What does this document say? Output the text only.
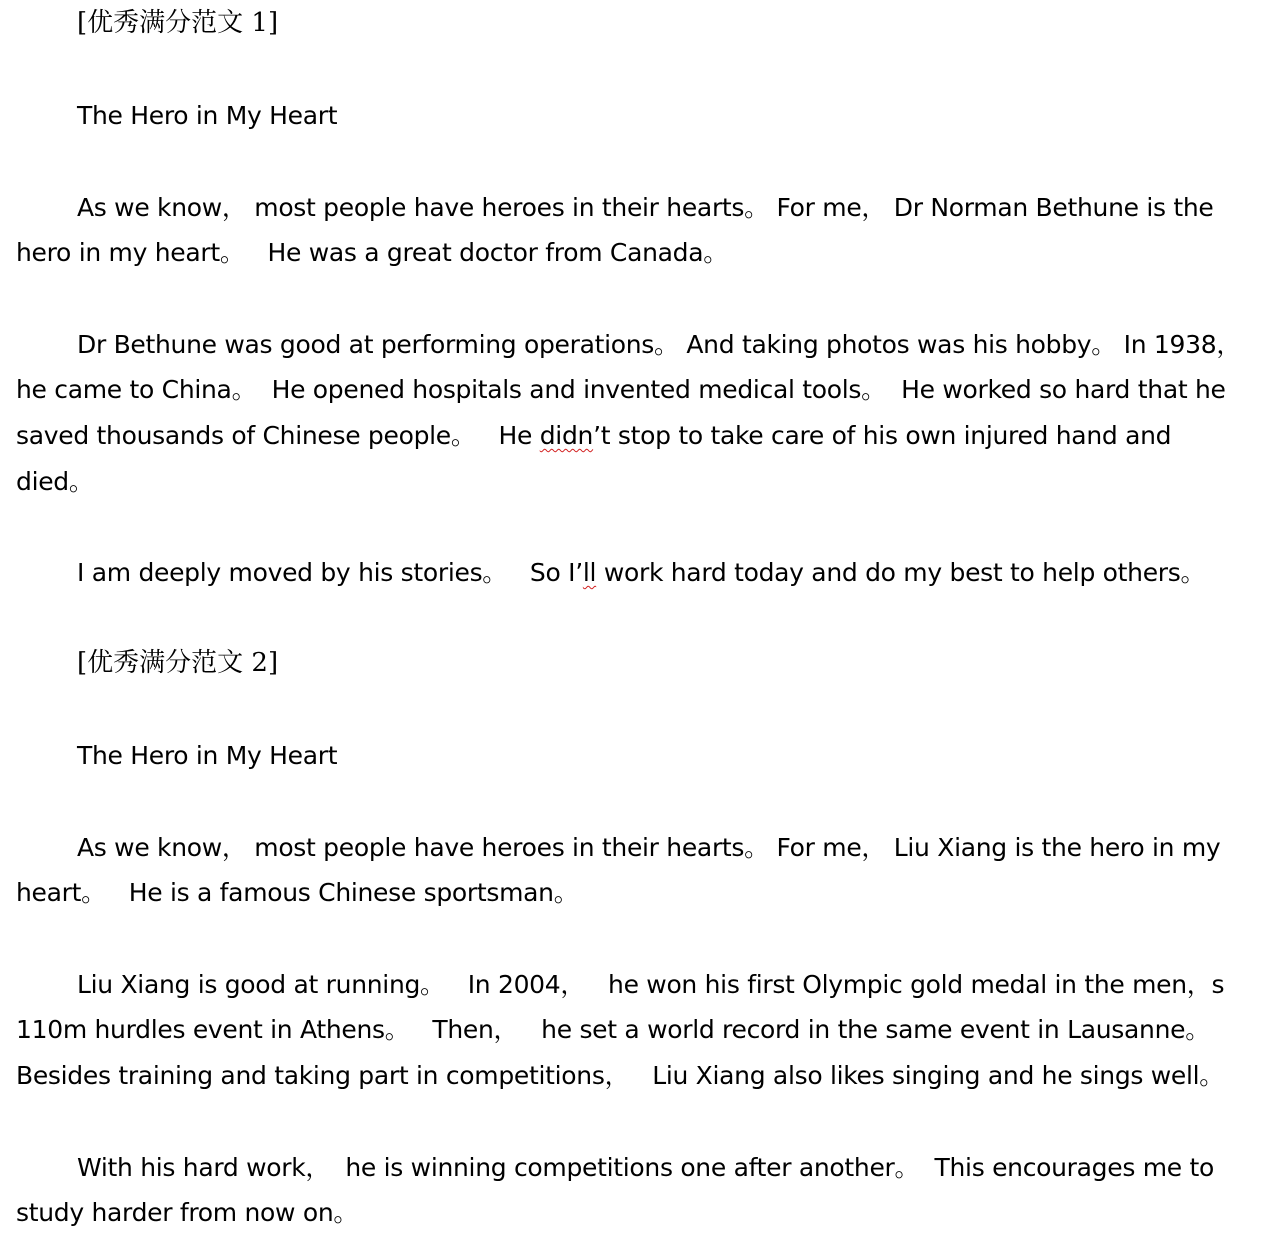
[优秀满分范文 1]
The Hero in My Heart
As we know， most people have heroes in their hearts。 For me， Dr Norman Bethune is the
hero in my heart。   He was a great doctor from Canada。
Dr Bethune was good at performing operations。 And taking photos was his hobby。 In 1938，
he came to China。  He opened hospitals and invented medical tools。  He worked so hard that he
saved thousands of Chinese people。   He didn’t stop to take care of his own injured hand and
died。
I am deeply moved by his stories。   So I’ll work hard today and do my best to help others。
[优秀满分范文 2]
The Hero in My Heart
As we know， most people have heroes in their hearts。 For me， Liu Xiang is the hero in my
heart。   He is a famous Chinese sportsman。
Liu Xiang is good at running。   In 2004，   he won his first Olympic gold medal in the men，s
110m hurdles event in Athens。   Then，   he set a world record in the same event in Lausanne。
Besides training and taking part in competitions，   Liu Xiang also likes singing and he sings well。
With his hard work，  he is winning competitions one after another。  This encourages me to
study harder from now on。
